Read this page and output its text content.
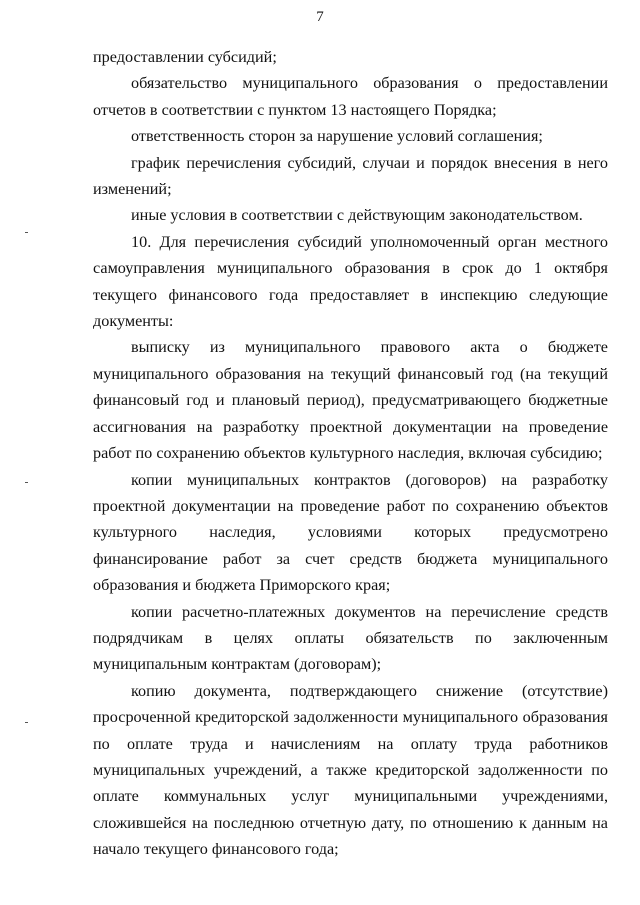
7

предоставлении субсидий;

обязательство муниципального образования о предоставлении отчетов в соответствии с пунктом 13 настоящего Порядка;

ответственность сторон за нарушение условий соглашения;

график перечисления субсидий, случаи и порядок внесения в него изменений;

иные условия в соответствии с действующим законодательством.

10. Для перечисления субсидий уполномоченный орган местного самоуправления муниципального образования в срок до 1 октября текущего финансового года предоставляет в инспекцию следующие документы:

выписку из муниципального правового акта о бюджете муниципального образования на текущий финансовый год (на текущий финансовый год и плановый период), предусматривающего бюджетные ассигнования на разработку проектной документации на проведение работ по сохранению объектов культурного наследия, включая субсидию;

копии муниципальных контрактов (договоров) на разработку проектной документации на проведение работ по сохранению объектов культурного наследия, условиями которых предусмотрено финансирование работ за счет средств бюджета муниципального образования и бюджета Приморского края;

копии расчетно-платежных документов на перечисление средств подрядчикам в целях оплаты обязательств по заключенным муниципальным контрактам (договорам);

копию документа, подтверждающего снижение (отсутствие) просроченной кредиторской задолженности муниципального образования по оплате труда и начислениям на оплату труда работников муниципальных учреждений, а также кредиторской задолженности по оплате коммунальных услуг муниципальными учреждениями, сложившейся на последнюю отчетную дату, по отношению к данным на начало текущего финансового года;
